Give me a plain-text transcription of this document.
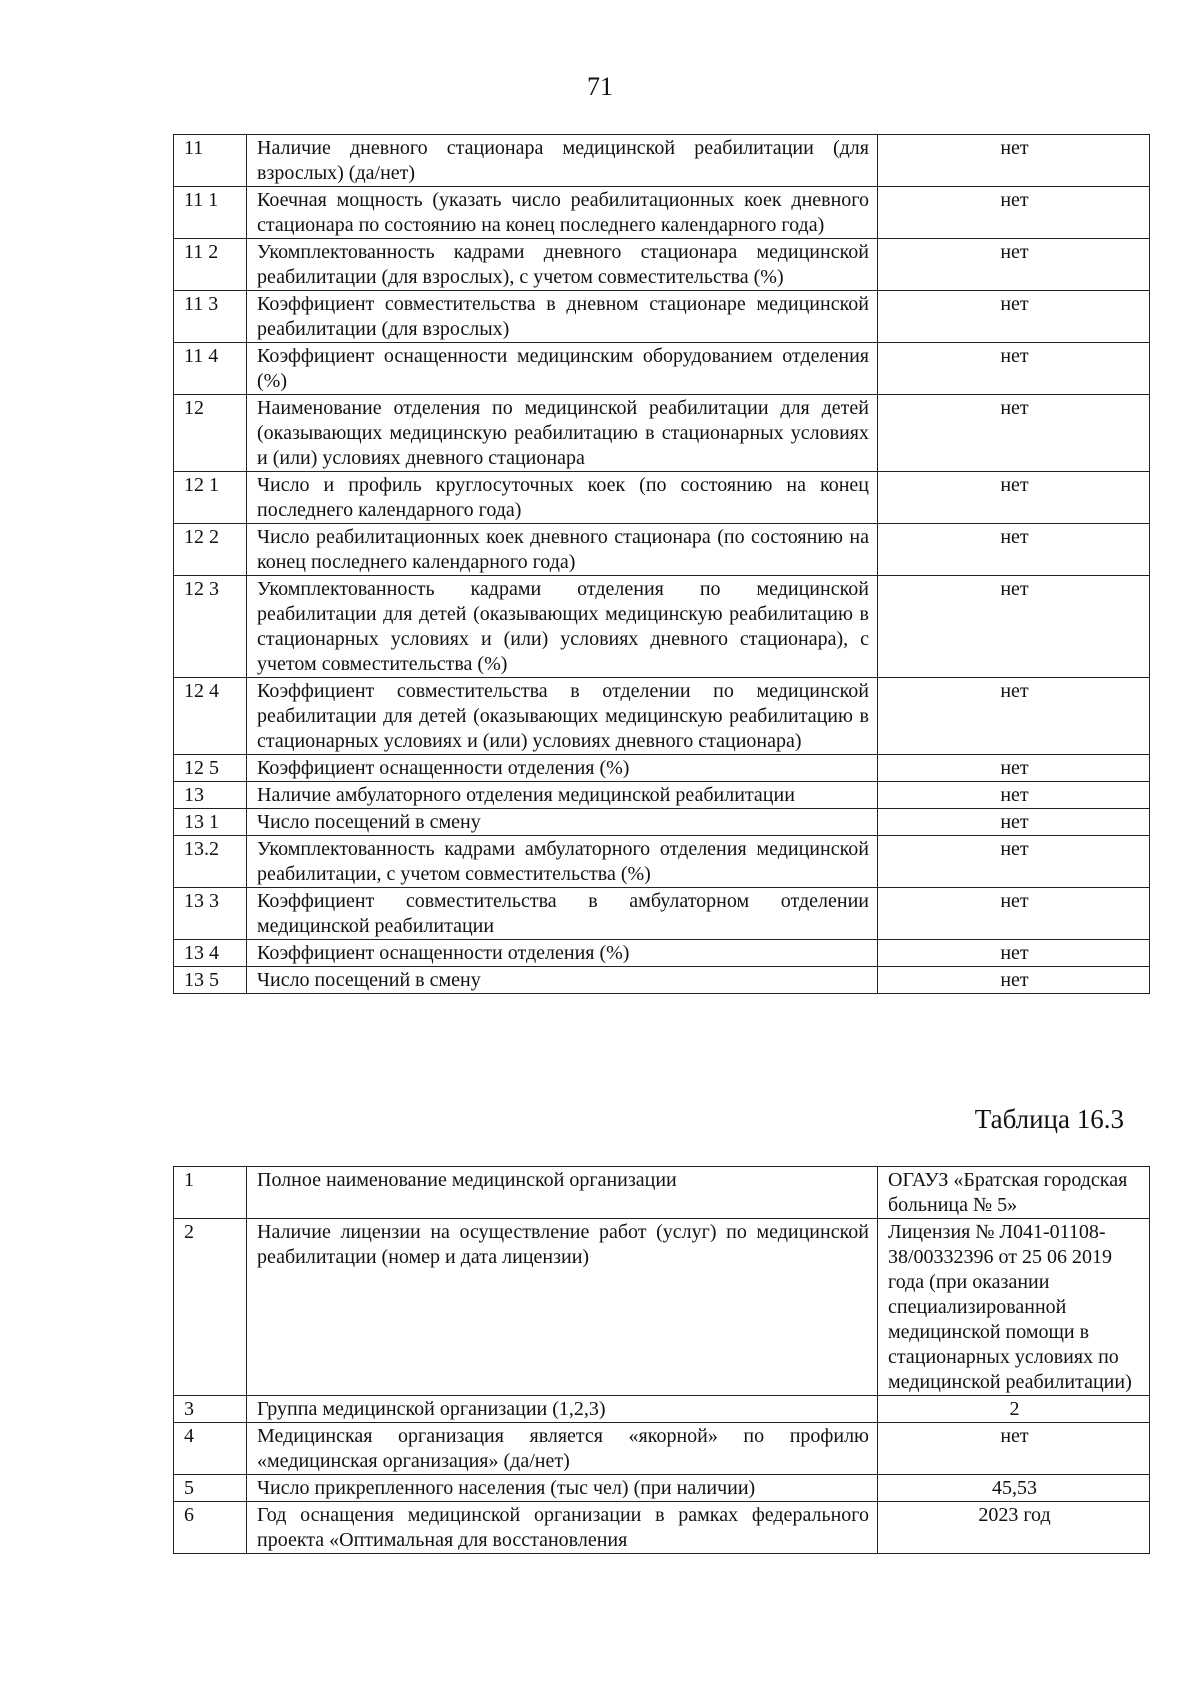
71
11	Наличие дневного стационара медицинской реабилитации (для взрослых) (да/нет)	нет
11 1	Коечная мощность (указать число реабилитационных коек дневного стационара по состоянию на конец последнего календарного года)	нет
11 2	Укомплектованность кадрами дневного стационара медицинской реабилитации (для взрослых), с учетом совместительства (%)	нет
11 3	Коэффициент совместительства в дневном стационаре медицинской реабилитации (для взрослых)	нет
11 4	Коэффициент оснащенности медицинским оборудованием отделения (%)	нет
12	Наименование отделения по медицинской реабилитации для детей (оказывающих медицинскую реабилитацию в стационарных условиях и (или) условиях дневного стационара	нет
12 1	Число и профиль круглосуточных коек (по состоянию на конец последнего календарного года)	нет
12 2	Число реабилитационных коек дневного стационара (по состоянию на конец последнего календарного года)	нет
12 3	Укомплектованность кадрами отделения по медицинской реабилитации для детей (оказывающих медицинскую реабилитацию в стационарных условиях и (или) условиях дневного стационара), с учетом совместительства (%)	нет
12 4	Коэффициент совместительства в отделении по медицинской реабилитации для детей (оказывающих медицинскую реабилитацию в стационарных условиях и (или) условиях дневного стационара)	нет
12 5	Коэффициент оснащенности отделения (%)	нет
13	Наличие амбулаторного отделения медицинской реабилитации	нет
13 1	Число посещений в смену	нет
13.2	Укомплектованность кадрами амбулаторного отделения медицинской реабилитации, с учетом совместительства (%)	нет
13 3	Коэффициент совместительства в амбулаторном отделении медицинской реабилитации	нет
13 4	Коэффициент оснащенности отделения (%)	нет
13 5	Число посещений в смену	нет
Таблица 16.3
1	Полное наименование медицинской организации	ОГАУЗ «Братская городская больница № 5»
2	Наличие лицензии на осуществление работ (услуг) по медицинской реабилитации (номер и дата лицензии)	Лицензия № Л041-01108-38/00332396 от 25 06 2019 года (при оказании специализированной медицинской помощи в стационарных условиях по медицинской реабилитации)
3	Группа медицинской организации (1,2,3)	2
4	Медицинская организация является «якорной» по профилю «медицинская организация» (да/нет)	нет
5	Число прикрепленного населения (тыс чел) (при наличии)	45,53
6	Год оснащения медицинской организации в рамках федерального проекта «Оптимальная для восстановления	2023 год
